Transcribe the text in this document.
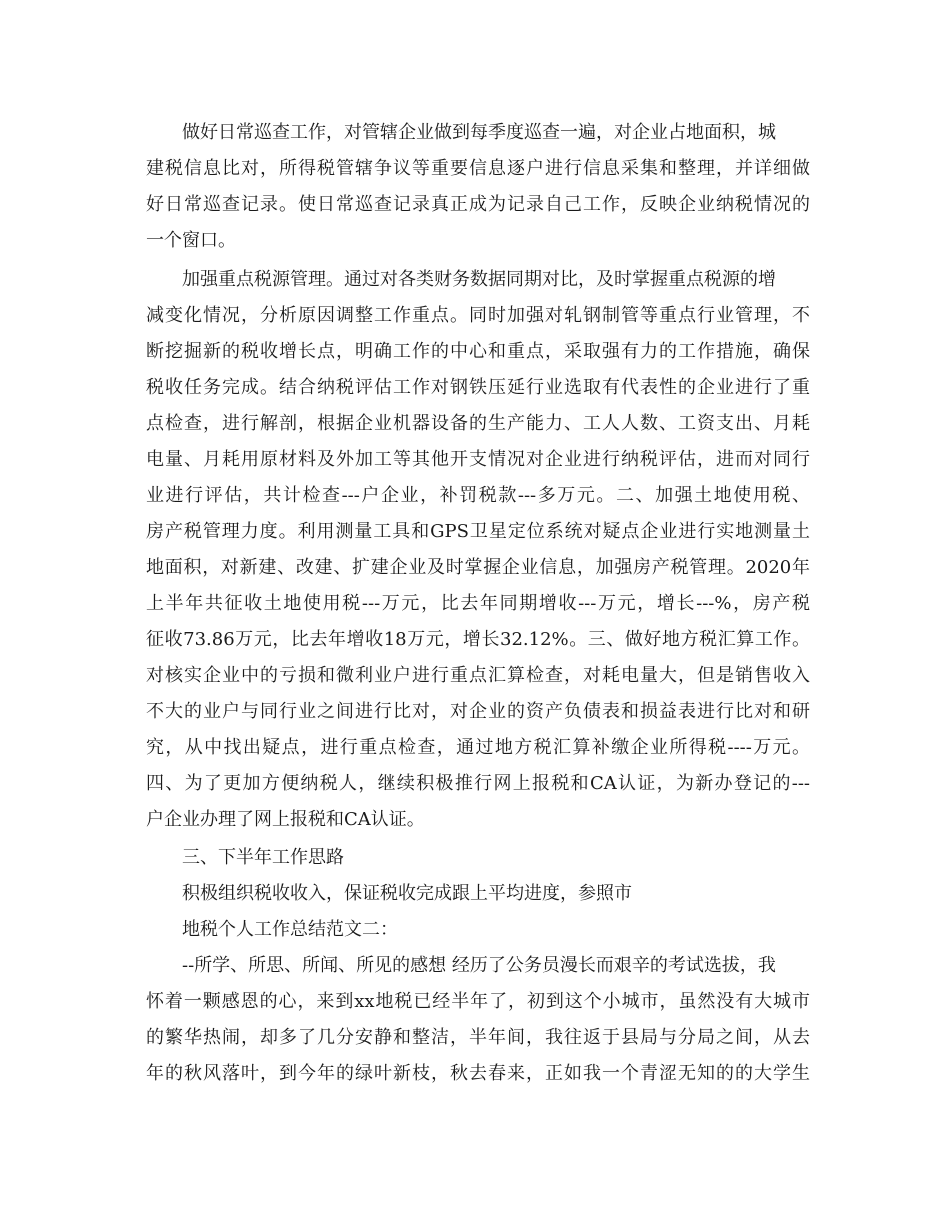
做好日常巡查工作，对管辖企业做到每季度巡查一遍，对企业占地面积，城
建税信息比对，所得税管辖争议等重要信息逐户进行信息采集和整理，并详细做
好日常巡查记录。使日常巡查记录真正成为记录自己工作，反映企业纳税情况的
一个窗口。
加强重点税源管理。通过对各类财务数据同期对比，及时掌握重点税源的增
减变化情况，分析原因调整工作重点。同时加强对轧钢制管等重点行业管理，不
断挖掘新的税收增长点，明确工作的中心和重点，采取强有力的工作措施，确保
税收任务完成。结合纳税评估工作对钢铁压延行业选取有代表性的企业进行了重
点检查，进行解剖，根据企业机器设备的生产能力、工人人数、工资支出、月耗
电量、月耗用原材料及外加工等其他开支情况对企业进行纳税评估，进而对同行
业进行评估，共计检查---户企业，补罚税款---多万元。二、加强土地使用税、
房产税管理力度。利用测量工具和GPS卫星定位系统对疑点企业进行实地测量土
地面积，对新建、改建、扩建企业及时掌握企业信息，加强房产税管理。2020年
上半年共征收土地使用税---万元，比去年同期增收---万元，增长---%，房产税
征收73.86万元，比去年增收18万元，增长32.12%。三、做好地方税汇算工作。
对核实企业中的亏损和微利业户进行重点汇算检查，对耗电量大，但是销售收入
不大的业户与同行业之间进行比对，对企业的资产负债表和损益表进行比对和研
究，从中找出疑点，进行重点检查，通过地方税汇算补缴企业所得税----万元。
四、为了更加方便纳税人，继续积极推行网上报税和CA认证，为新办登记的---
户企业办理了网上报税和CA认证。
三、下半年工作思路
积极组织税收收入，保证税收完成跟上平均进度，参照市
地税个人工作总结范文二：
--所学、所思、所闻、所见的感想 经历了公务员漫长而艰辛的考试选拔，我
怀着一颗感恩的心，来到xx地税已经半年了，初到这个小城市，虽然没有大城市
的繁华热闹，却多了几分安静和整洁，半年间，我往返于县局与分局之间，从去
年的秋风落叶，到今年的绿叶新枝，秋去春来，正如我一个青涩无知的的大学生
